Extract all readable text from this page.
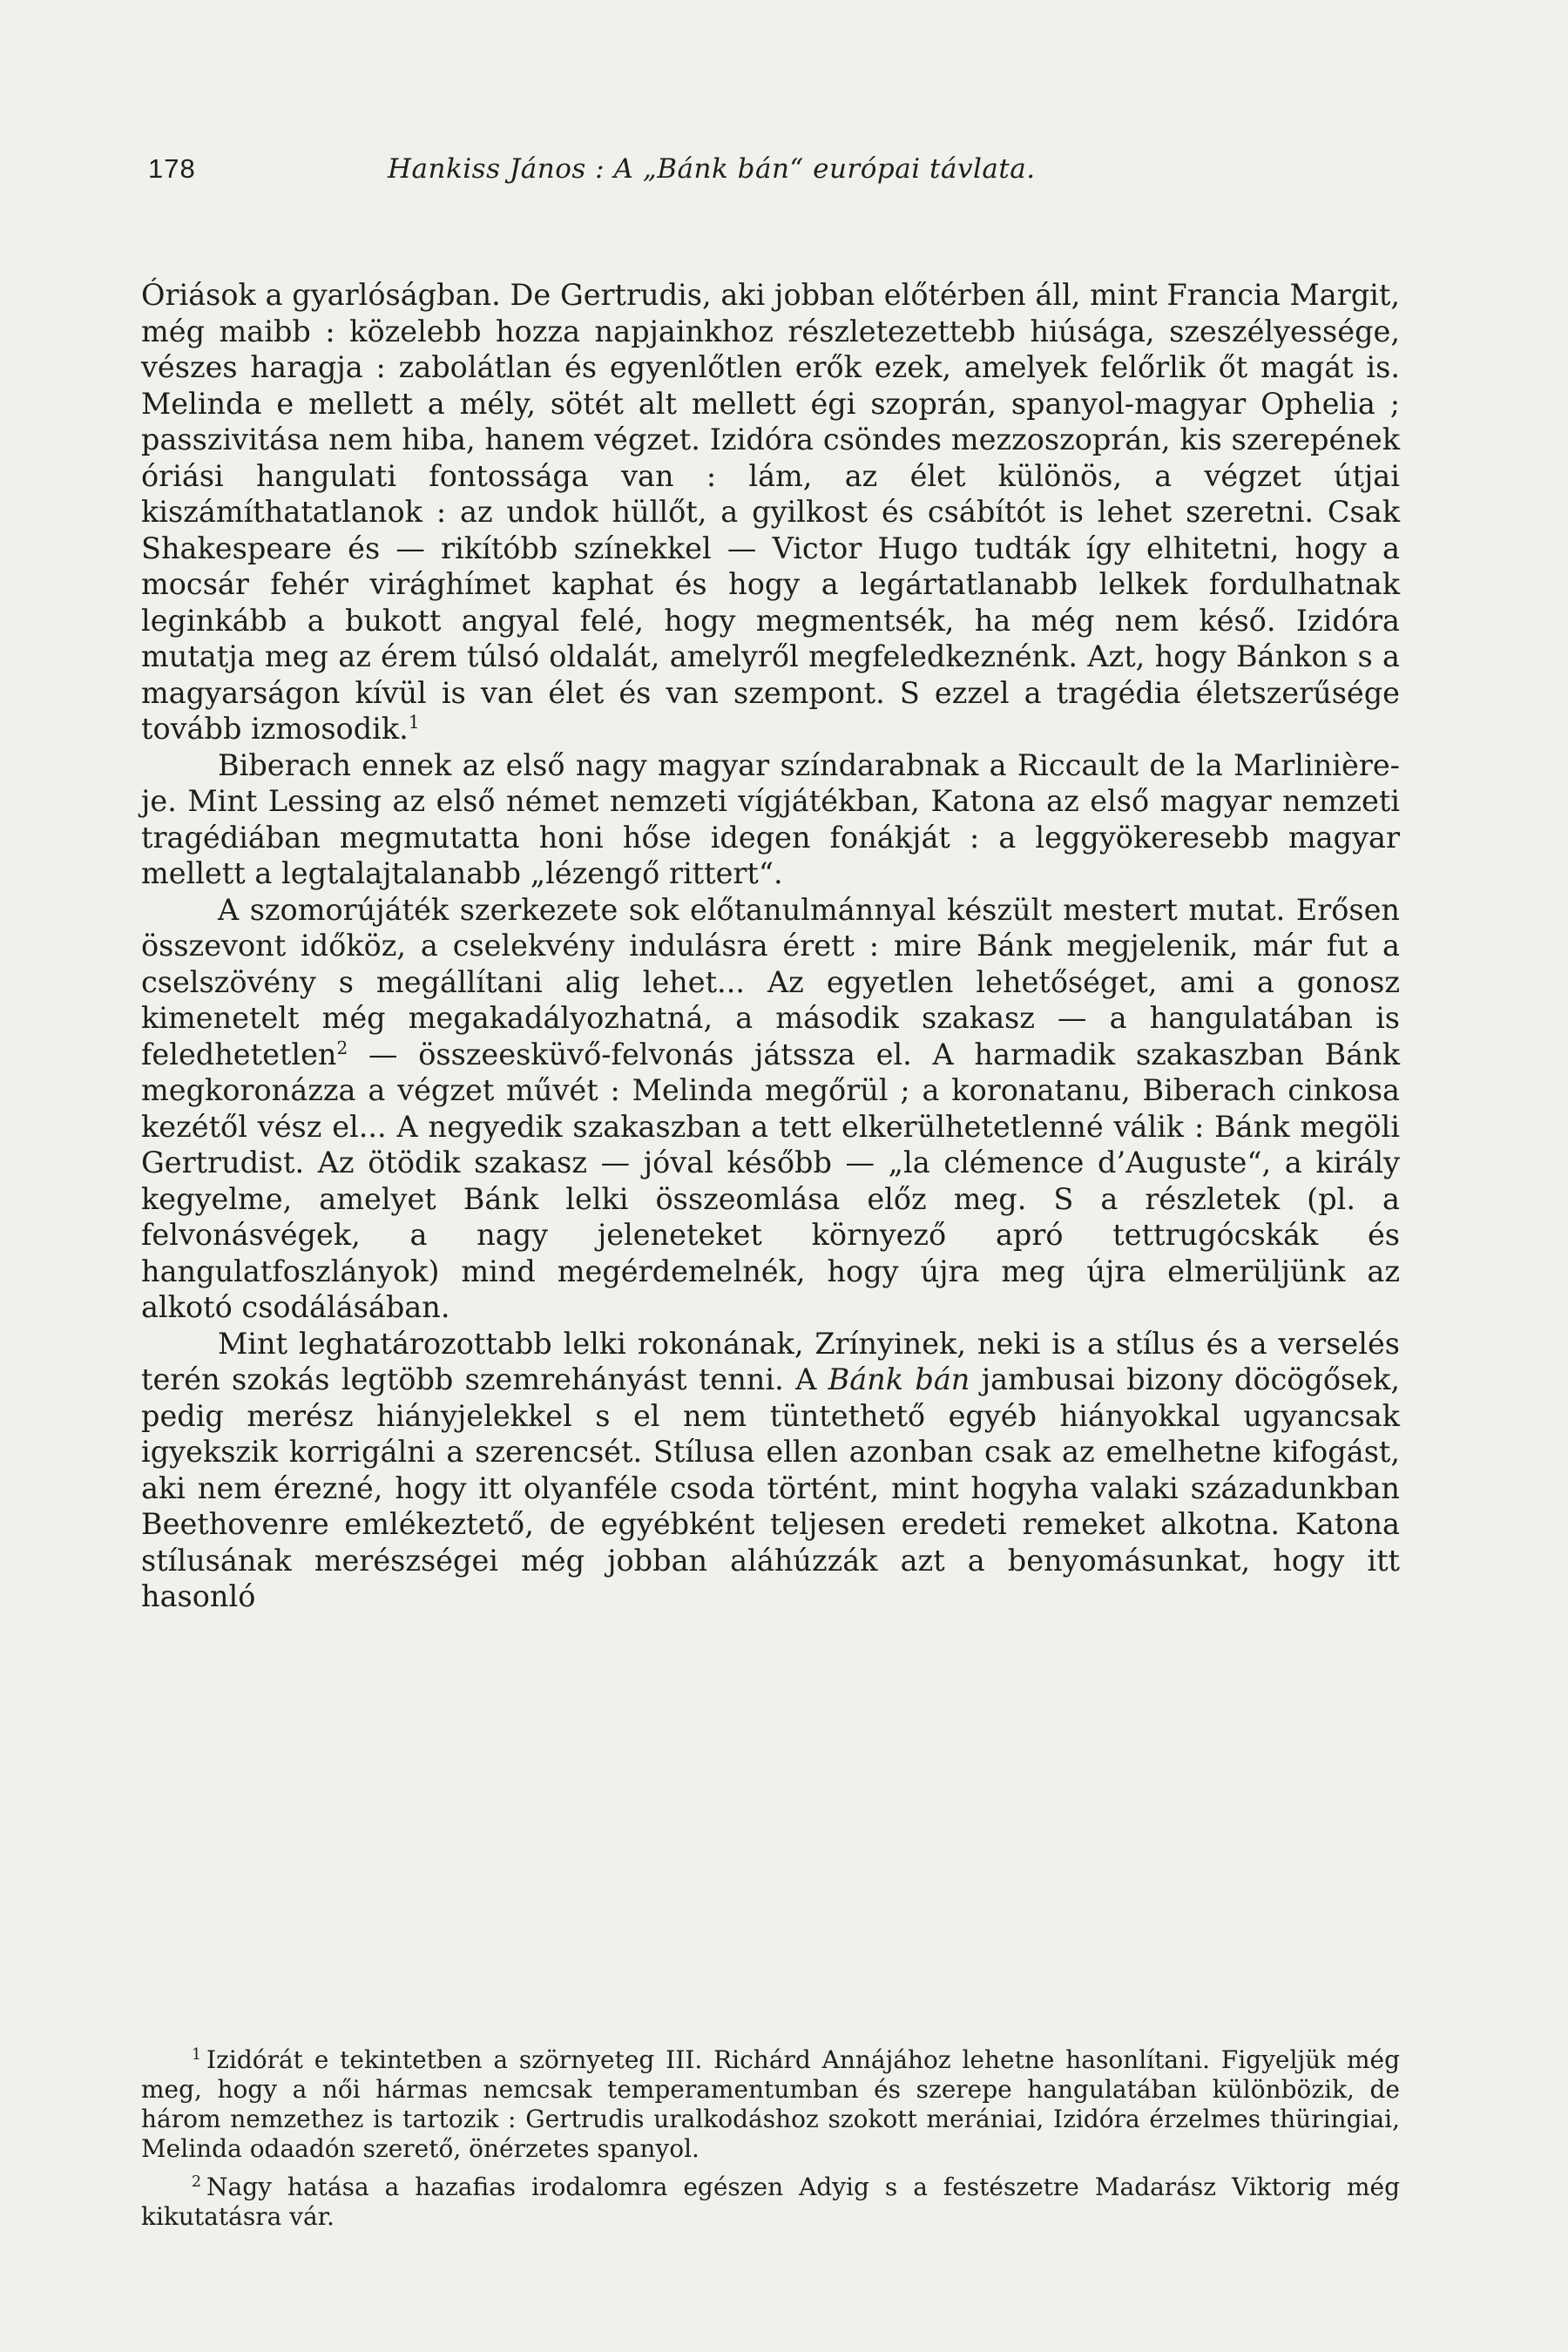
178	Hankiss János : A „Bánk bán“ európai távlata.

Óriások a gyarlóságban. De Gertrudis, aki jobban előtérben áll, mint Francia Margit, még maibb : közelebb hozza napjainkhoz részletezettebb hiúsága, szeszélyessége, vészes haragja : zabolátlan és egyenlőtlen erők ezek, amelyek felőrlik őt magát is. Melinda e mellett a mély, sötét alt mellett égi szoprán, spanyol-magyar Ophelia ; passzivitása nem hiba, hanem végzet. Izidóra csöndes mezzoszoprán, kis szerepének óriási hangulati fontossága van : lám, az élet különös, a végzet útjai kiszámíthatatlanok : az undok hüllőt, a gyilkost és csábítót is lehet szeretni. Csak Shakespeare és — rikítóbb színekkel — Victor Hugo tudták így elhitetni, hogy a mocsár fehér virághímet kaphat és hogy a legártatlanabb lelkek fordulhatnak leginkább a bukott angyal felé, hogy megmentsék, ha még nem késő. Izidóra mutatja meg az érem túlsó oldalát, amelyről megfeledkeznénk. Azt, hogy Bánkon s a magyarságon kívül is van élet és van szempont. S ezzel a tragédia életszerűsége tovább izmosodik.$^1$

Biberach ennek az első nagy magyar színdarabnak a Riccault de la Marlinière-je. Mint Lessing az első német nemzeti vígjátékban, Katona az első magyar nemzeti tragédiában megmutatta honi hőse idegen fonákját : a leggyökeresebb magyar mellett a legtalajtalanabb „lézengő rittert“.

A szomorújáték szerkezete sok előtanulmánnyal készült mestert mutat. Erősen összevont időköz, a cselekvény indulásra érett : mire Bánk megjelenik, már fut a cselszövény s megállítani alig lehet... Az egyetlen lehetőséget, ami a gonosz kimenetelt még megakadályozhatná, a második szakasz — a hangulatában is feledhetetlen$^2$ — összeesküvő-felvonás játssza el. A harmadik szakaszban Bánk megkoronázza a végzet művét : Melinda megőrül ; a koronatanu, Biberach cinkosa kezétől vész el... A negyedik szakaszban a tett elkerülhetetlenné válik : Bánk megöli Gertrudist. Az ötödik szakasz — jóval később — „la clémence d’Auguste“, a király kegyelme, amelyet Bánk lelki összeomlása előz meg. S a részletek (pl. a felvonásvégek, a nagy jeleneteket környező apró tettrugócskák és hangulatfoszlányok) mind megérdemelnék, hogy újra meg újra elmerüljünk az alkotó csodálásában.

Mint leghatározottabb lelki rokonának, Zrínyinek, neki is a stílus és a verselés terén szokás legtöbb szemrehányást tenni. A Bánk bán jambusai bizony döcögősek, pedig merész hiányjelekkel s el nem tüntethető egyéb hiányokkal ugyancsak igyekszik korrigálni a szerencsét. Stílusa ellen azonban csak az emelhetne kifogást, aki nem érezné, hogy itt olyanféle csoda történt, mint hogyha valaki századunkban Beethovenre emlékeztető, de egyébként teljesen eredeti remeket alkotna. Katona stílusának merészségei még jobban aláhúzzák azt a benyomásunkat, hogy itt hasonló

$^1$ Izidórát e tekintetben a szörnyeteg III. Richárd Annájához lehetne hasonlítani. Figyeljük még meg, hogy a női hármas nemcsak temperamentumban és szerepe hangulatában különbözik, de három nemzethez is tartozik : Gertrudis uralkodáshoz szokott merániai, Izidóra érzelmes thüringiai, Melinda odaadón szerető, önérzetes spanyol.

$^2$ Nagy hatása a hazafias irodalomra egészen Adyig s a festészetre Madarász Viktorig még kikutatásra vár.
